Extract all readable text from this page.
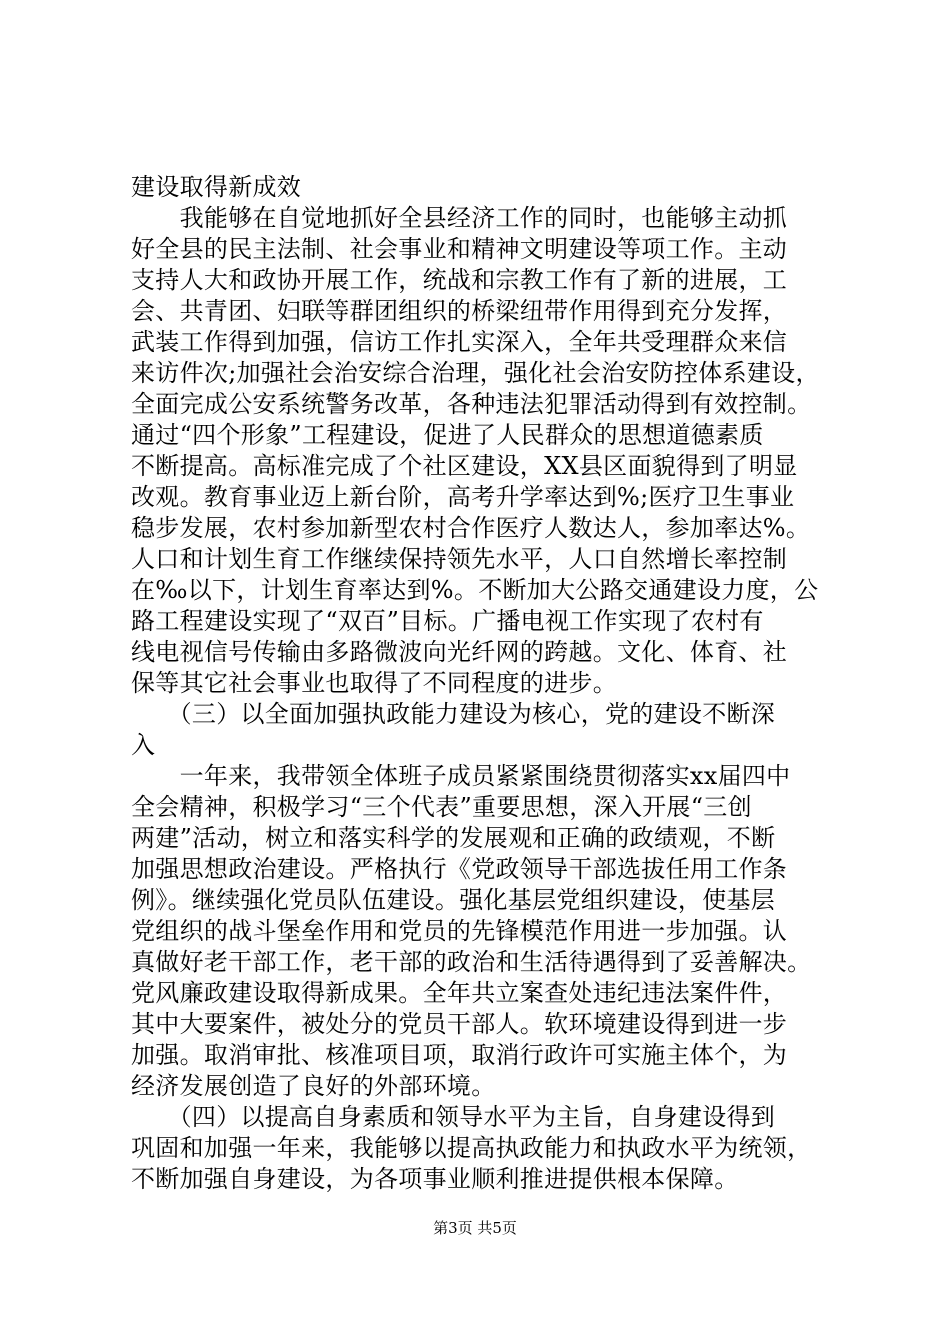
建设取得新成效
　　我能够在自觉地抓好全县经济工作的同时，也能够主动抓
好全县的民主法制、社会事业和精神文明建设等项工作。主动
支持人大和政协开展工作，统战和宗教工作有了新的进展，工
会、共青团、妇联等群团组织的桥梁纽带作用得到充分发挥，
武装工作得到加强，信访工作扎实深入，全年共受理群众来信
来访件次;加强社会治安综合治理，强化社会治安防控体系建设，
全面完成公安系统警务改革，各种违法犯罪活动得到有效控制。
通过“四个形象”工程建设，促进了人民群众的思想道德素质
不断提高。高标准完成了个社区建设，XX县区面貌得到了明显
改观。教育事业迈上新台阶，高考升学率达到%;医疗卫生事业
稳步发展，农村参加新型农村合作医疗人数达人，参加率达%。
人口和计划生育工作继续保持领先水平，人口自然增长率控制
在‰以下，计划生育率达到%。不断加大公路交通建设力度，公
路工程建设实现了“双百”目标。广播电视工作实现了农村有
线电视信号传输由多路微波向光纤网的跨越。文化、体育、社
保等其它社会事业也取得了不同程度的进步。
　　（三）以全面加强执政能力建设为核心，党的建设不断深
入
　　一年来，我带领全体班子成员紧紧围绕贯彻落实xx届四中
全会精神，积极学习“三个代表”重要思想，深入开展“三创
两建”活动，树立和落实科学的发展观和正确的政绩观，不断
加强思想政治建设。严格执行《党政领导干部选拔任用工作条
例》。继续强化党员队伍建设。强化基层党组织建设，使基层
党组织的战斗堡垒作用和党员的先锋模范作用进一步加强。认
真做好老干部工作，老干部的政治和生活待遇得到了妥善解决。
党风廉政建设取得新成果。全年共立案查处违纪违法案件件，
其中大要案件，被处分的党员干部人。软环境建设得到进一步
加强。取消审批、核准项目项，取消行政许可实施主体个，为
经济发展创造了良好的外部环境。
　　（四）以提高自身素质和领导水平为主旨，自身建设得到
巩固和加强一年来，我能够以提高执政能力和执政水平为统领，
不断加强自身建设，为各项事业顺利推进提供根本保障。
第3页 共5页
